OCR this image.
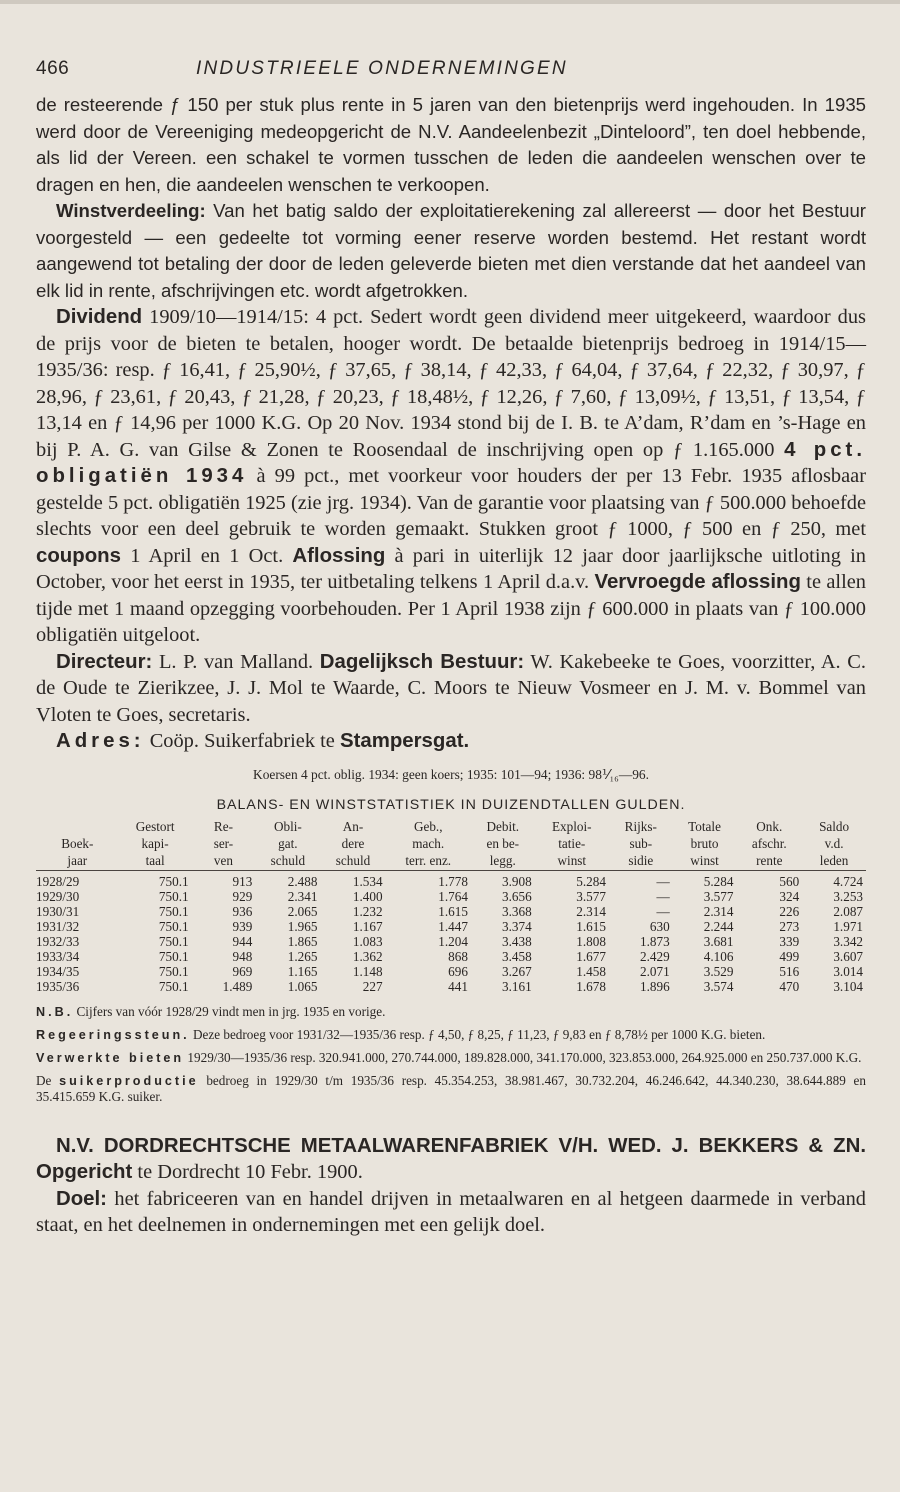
466	INDUSTRIEELE ONDERNEMINGEN

de resteerende ƒ 150 per stuk plus rente in 5 jaren van den bietenprijs werd ingehouden. In 1935 werd door de Vereeniging medeopgericht de N.V. Aandeelenbezit „Dinteloord”, ten doel hebbende, als lid der Vereen. een schakel te vormen tusschen de leden die aandeelen wenschen over te dragen en hen, die aandeelen wenschen te verkoopen.

Winstverdeeling: Van het batig saldo der exploitatierekening zal allereerst — door het Bestuur voorgesteld — een gedeelte tot vorming eener reserve worden bestemd. Het restant wordt aangewend tot betaling der door de leden geleverde bieten met dien verstande dat het aandeel van elk lid in rente, afschrijvingen etc. wordt afgetrokken.

Dividend 1909/10—1914/15: 4 pct. Sedert wordt geen dividend meer uitgekeerd, waardoor dus de prijs voor de bieten te betalen, hooger wordt. De betaalde bietenprijs bedroeg in 1914/15—1935/36: resp. ƒ 16,41, ƒ 25,90½, ƒ 37,65, ƒ 38,14, ƒ 42,33, ƒ 64,04, ƒ 37,64, ƒ 22,32, ƒ 30,97, ƒ 28,96, ƒ 23,61, ƒ 20,43, ƒ 21,28, ƒ 20,23, ƒ 18,48½, ƒ 12,26, ƒ 7,60, ƒ 13,09½, ƒ 13,51, ƒ 13,54, ƒ 13,14 en ƒ 14,96 per 1000 K.G. Op 20 Nov. 1934 stond bij de I. B. te A’dam, R’dam en ’s-Hage en bij P. A. G. van Gilse & Zonen te Roosendaal de inschrijving open op ƒ 1.165.000 4 pct. obligatiën 1934 à 99 pct., met voorkeur voor houders der per 13 Febr. 1935 aflosbaar gestelde 5 pct. obligatiën 1925 (zie jrg. 1934). Van de garantie voor plaatsing van ƒ 500.000 behoefde slechts voor een deel gebruik te worden gemaakt. Stukken groot ƒ 1000, ƒ 500 en ƒ 250, met coupons 1 April en 1 Oct. Aflossing à pari in uiterlijk 12 jaar door jaarlijksche uitloting in October, voor het eerst in 1935, ter uitbetaling telkens 1 April d.a.v. Vervroegde aflossing te allen tijde met 1 maand opzegging voorbehouden. Per 1 April 1938 zijn ƒ 600.000 in plaats van ƒ 100.000 obligatiën uitgeloot.

Directeur: L. P. van Malland. Dagelijksch Bestuur: W. Kakebeeke te Goes, voorzitter, A. C. de Oude te Zierikzee, J. J. Mol te Waarde, C. Moors te Nieuw Vosmeer en J. M. v. Bommel van Vloten te Goes, secretaris.

Adres: Coöp. Suikerfabriek te Stampersgat.

Koersen 4 pct. oblig. 1934: geen koers; 1935: 101—94; 1936: 98⅟₁₆—96.

BALANS- EN WINSTSTATISTIEK IN DUIZENDTALLEN GULDEN.

	Gestort	Re-	Obli-	An-	Geb.,	Debit.	Exploi-	Rijks-	Totale	Onk.	Saldo
Boek-	kapi-	ser-	gat.	dere	mach.	en be-	tatie-	sub-	bruto	afschr.	v.d.
jaar	taal	ven	schuld	schuld	terr. enz.	legg.	winst	sidie	winst	rente	leden
1928/29	750.1	913	2.488	1.534	1.778	3.908	5.284	—	5.284	560	4.724
1929/30	750.1	929	2.341	1.400	1.764	3.656	3.577	—	3.577	324	3.253
1930/31	750.1	936	2.065	1.232	1.615	3.368	2.314	—	2.314	226	2.087
1931/32	750.1	939	1.965	1.167	1.447	3.374	1.615	630	2.244	273	1.971
1932/33	750.1	944	1.865	1.083	1.204	3.438	1.808	1.873	3.681	339	3.342
1933/34	750.1	948	1.265	1.362	868	3.458	1.677	2.429	4.106	499	3.607
1934/35	750.1	969	1.165	1.148	696	3.267	1.458	2.071	3.529	516	3.014
1935/36	750.1	1.489	1.065	227	441	3.161	1.678	1.896	3.574	470	3.104

N.B. Cijfers van vóór 1928/29 vindt men in jrg. 1935 en vorige.

Regeeringssteun. Deze bedroeg voor 1931/32—1935/36 resp. ƒ 4,50, ƒ 8,25, ƒ 11,23, ƒ 9,83 en ƒ 8,78½ per 1000 K.G. bieten.

Verwerkte bieten 1929/30—1935/36 resp. 320.941.000, 270.744.000, 189.828.000, 341.170.000, 323.853.000, 264.925.000 en 250.737.000 K.G.

De suikerproductie bedroeg in 1929/30 t/m 1935/36 resp. 45.354.253, 38.981.467, 30.732.204, 46.246.642, 44.340.230, 38.644.889 en 35.415.659 K.G. suiker.

N.V. DORDRECHTSCHE METAALWARENFABRIEK V/H. WED. J. BEKKERS & ZN. Opgericht te Dordrecht 10 Febr. 1900.

Doel: het fabriceeren van en handel drijven in metaalwaren en al hetgeen daarmede in verband staat, en het deelnemen in ondernemingen met een gelijk doel.
